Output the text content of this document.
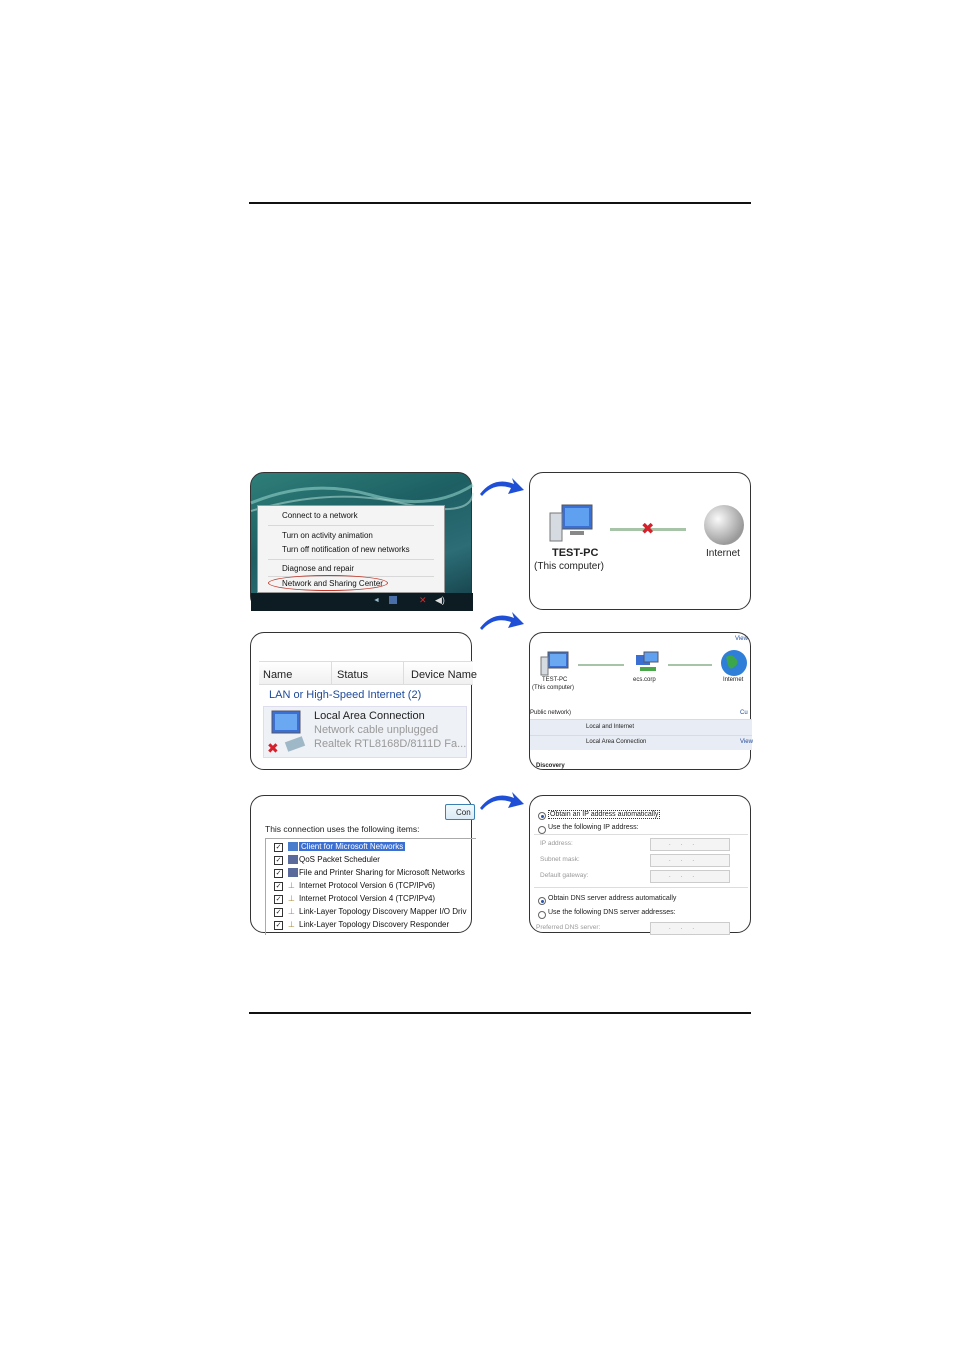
Connect to a network
Turn on activity animation
Turn off notification of new networks
Diagnose and repair
Network and Sharing Center
◄	✕ ◀)
TEST-PC
(This computer)
✖
Internet
Name	Status	Device Name
LAN or High-Speed Internet (2)
✖
Local Area Connection
Network cable unplugged
Realtek RTL8168D/8111D Fa...
View
TEST-PC
(This computer)
ecs.corp	Internet
Public network)	Cu
Local and Internet
Local Area Connection	View
Discovery
Con
This connection uses the following items:
✓ Client for Microsoft Networks
✓ QoS Packet Scheduler
✓ File and Printer Sharing for Microsoft Networks
✓ ⊥ Internet Protocol Version 6 (TCP/IPv6)
✓ ⊥ Internet Protocol Version 4 (TCP/IPv4)
✓ ⊥ Link-Layer Topology Discovery Mapper I/O Driv
✓ ⊥ Link-Layer Topology Discovery Responder
Obtain an IP address automatically
Use the following IP address:
IP address:	...
Subnet mask:	...
Default gateway:	...
Obtain DNS server address automatically
Use the following DNS server addresses:
Preferred DNS server:	...
